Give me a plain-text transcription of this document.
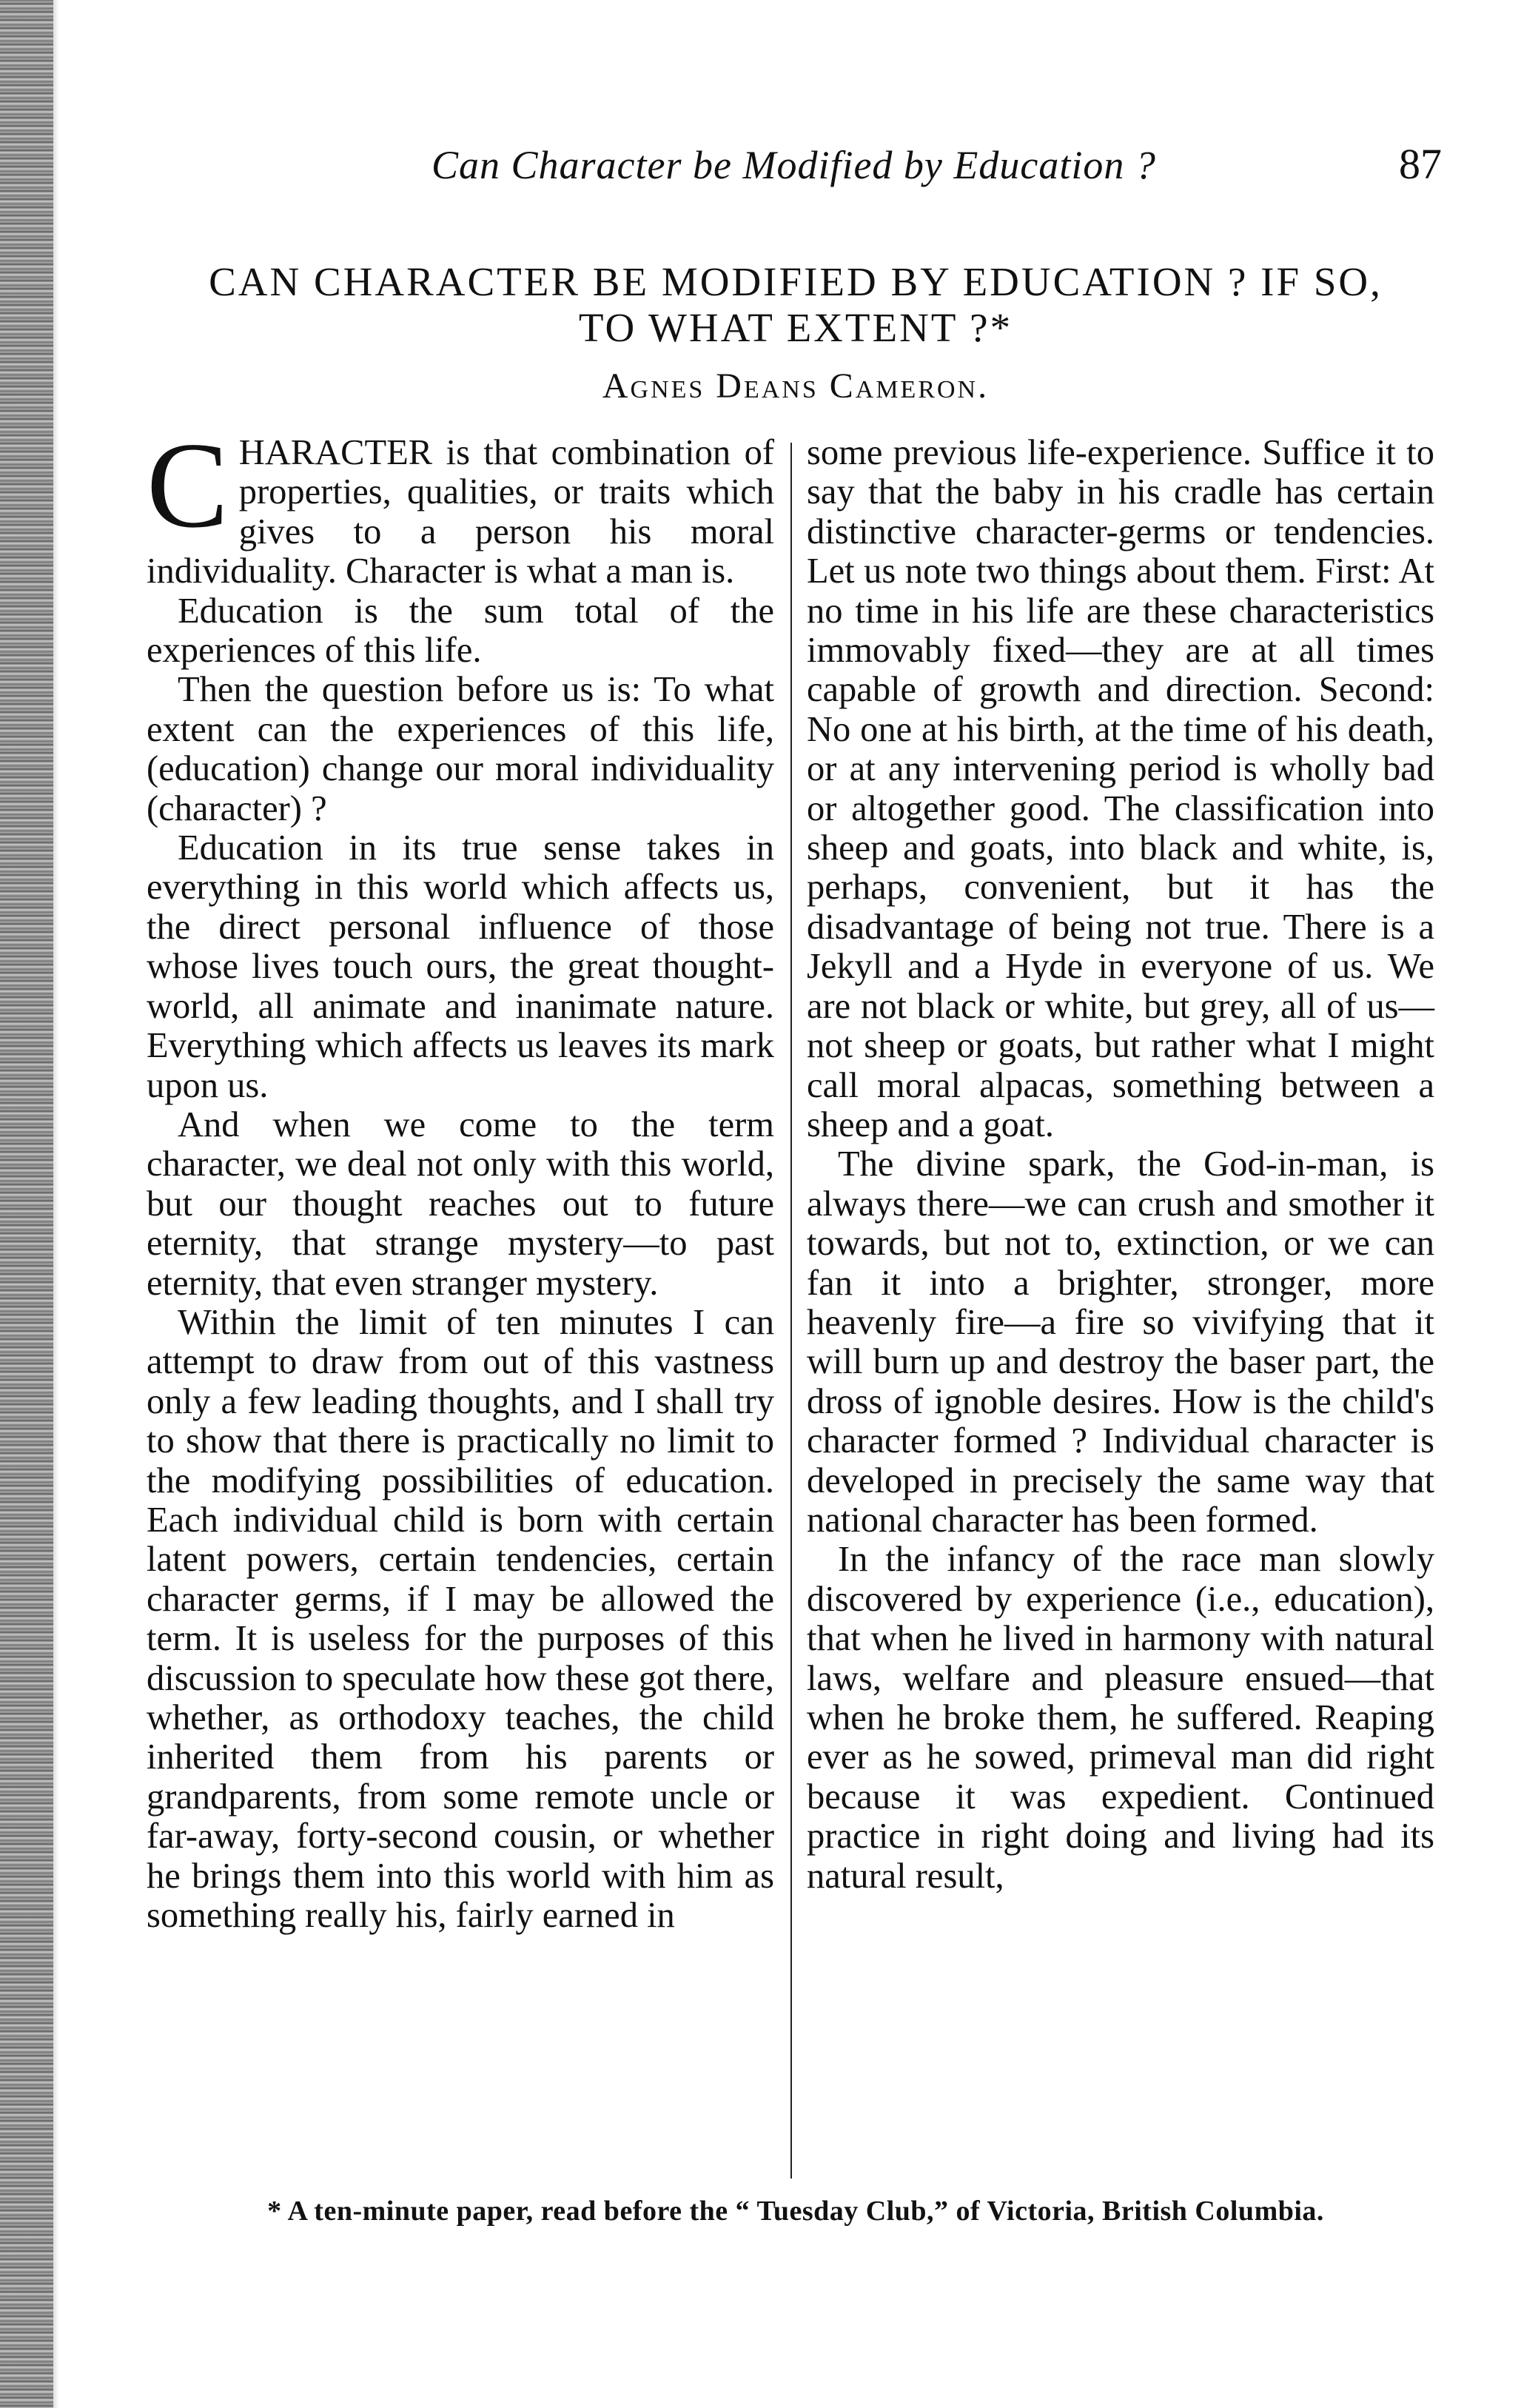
Can Character be Modified by Education ?	87
CAN CHARACTER BE MODIFIED BY EDUCATION ? IF SO,
TO WHAT EXTENT ?*
Agnes Deans Cameron.

CHARACTER is that combination of properties, qualities, or traits which gives to a person his moral individuality. Character is what a man is.

Education is the sum total of the experiences of this life.

Then the question before us is: To what extent can the experiences of this life, (education) change our moral individuality (character) ?

Education in its true sense takes in everything in this world which affects us, the direct personal influence of those whose lives touch ours, the great thought-world, all animate and inanimate nature. Everything which affects us leaves its mark upon us.

And when we come to the term character, we deal not only with this world, but our thought reaches out to future eternity, that strange mystery—to past eternity, that even stranger mystery.

Within the limit of ten minutes I can attempt to draw from out of this vastness only a few leading thoughts, and I shall try to show that there is practically no limit to the modifying possibilities of education. Each individual child is born with certain latent powers, certain tendencies, certain character germs, if I may be allowed the term. It is useless for the purposes of this discussion to speculate how these got there, whether, as orthodoxy teaches, the child inherited them from his parents or grandparents, from some remote uncle or far-away, forty-second cousin, or whether he brings them into this world with him as something really his, fairly earned in

some previous life-experience. Suffice it to say that the baby in his cradle has certain distinctive character-germs or tendencies. Let us note two things about them. First: At no time in his life are these characteristics immovably fixed—they are at all times capable of growth and direction. Second: No one at his birth, at the time of his death, or at any intervening period is wholly bad or altogether good. The classification into sheep and goats, into black and white, is, perhaps, convenient, but it has the disadvantage of being not true. There is a Jekyll and a Hyde in everyone of us. We are not black or white, but grey, all of us—not sheep or goats, but rather what I might call moral alpacas, something between a sheep and a goat.

The divine spark, the God-in-man, is always there—we can crush and smother it towards, but not to, extinction, or we can fan it into a brighter, stronger, more heavenly fire—a fire so vivifying that it will burn up and destroy the baser part, the dross of ignoble desires. How is the child's character formed ? Individual character is developed in precisely the same way that national character has been formed.

In the infancy of the race man slowly discovered by experience (i.e., education), that when he lived in harmony with natural laws, welfare and pleasure ensued—that when he broke them, he suffered. Reaping ever as he sowed, primeval man did right because it was expedient. Continued practice in right doing and living had its natural result,

* A ten-minute paper, read before the “ Tuesday Club,” of Victoria, British Columbia.
